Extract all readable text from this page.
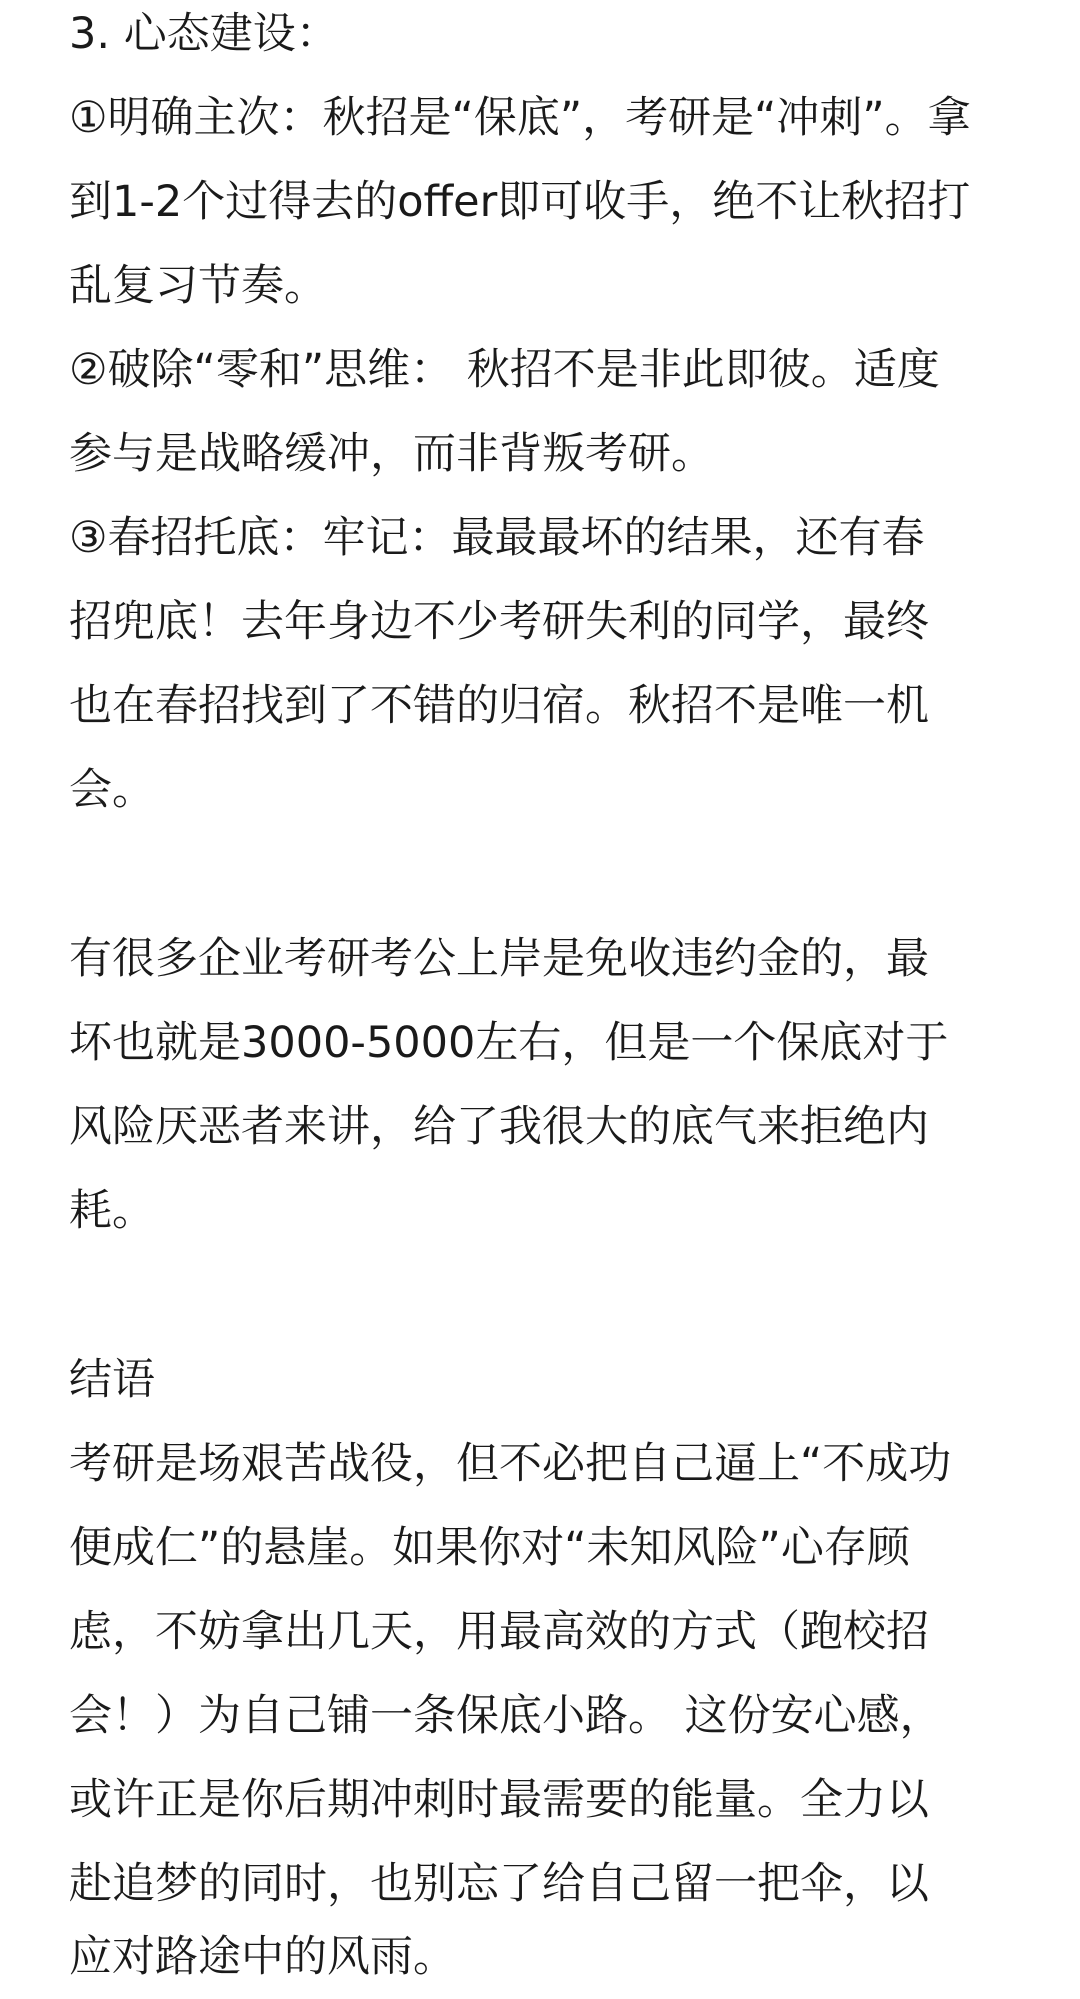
3. 心态建设：
①明确主次：秋招是“保底”，考研是“冲刺”。拿
到1-2个过得去的offer即可收手，绝不让秋招打
乱复习节奏。
②破除“零和”思维： 秋招不是非此即彼。适度
参与是战略缓冲，而非背叛考研。
③春招托底：牢记：最最最坏的结果，还有春
招兜底！去年身边不少考研失利的同学，最终
也在春招找到了不错的归宿。秋招不是唯一机
会。
有很多企业考研考公上岸是免收违约金的，最
坏也就是3000-5000左右，但是一个保底对于
风险厌恶者来讲，给了我很大的底气来拒绝内
耗。
结语
考研是场艰苦战役，但不必把自己逼上“不成功
便成仁”的悬崖。如果你对“未知风险”心存顾
虑，不妨拿出几天，用最高效的方式（跑校招
会！）为自己铺一条保底小路。 这份安心感，
或许正是你后期冲刺时最需要的能量。全力以
赴追梦的同时，也别忘了给自己留一把伞，以
应对路途中的风雨。
